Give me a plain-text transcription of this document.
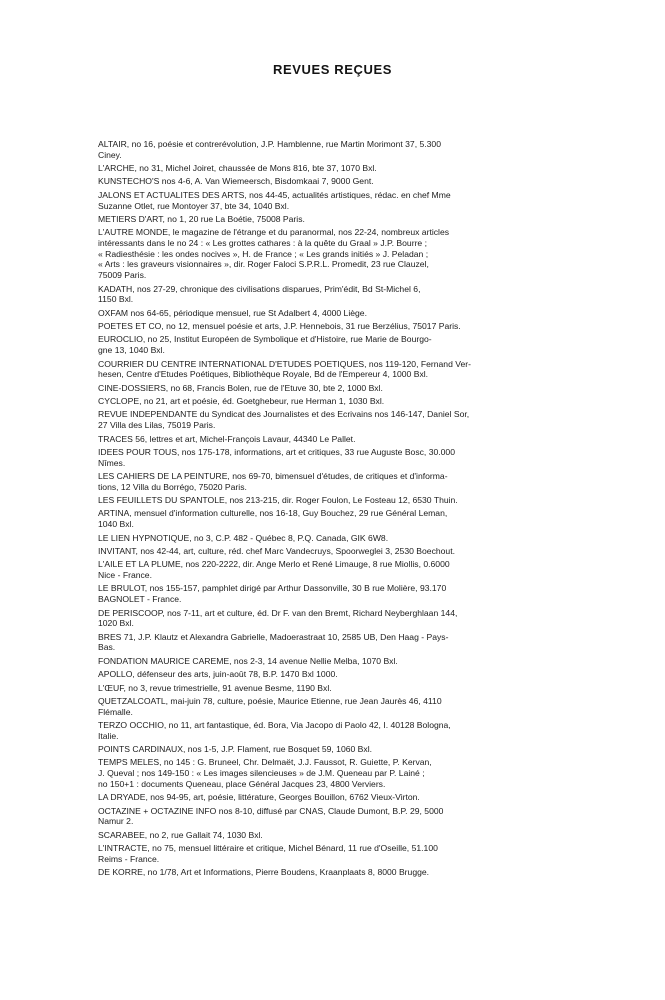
REVUES REÇUES
ALTAIR, no 16, poésie et contrerévolution, J.P. Hamblenne, rue Martin Morimont 37, 5.300
Ciney.
L'ARCHE, no 31, Michel Joiret, chaussée de Mons 816, bte 37, 1070 Bxl.
KUNSTECHO'S nos 4-6, A. Van Wiemeersch, Bisdomkaai 7, 9000 Gent.
JALONS ET ACTUALITES DES ARTS, nos 44-45, actualités artistiques, rédac. en chef Mme
Suzanne Otlet, rue Montoyer 37, bte 34, 1040 Bxl.
METIERS D'ART, no 1, 20 rue La Boétie, 75008 Paris.
L'AUTRE MONDE, le magazine de l'étrange et du paranormal, nos 22-24, nombreux articles
intéressants dans le no 24 : « Les grottes cathares : à la quête du Graal » J.P. Bourre ;
« Radiesthésie : les ondes nocives », H. de France ; « Les grands initiés » J. Peladan ;
« Arts : les graveurs visionnaires », dir. Roger Faloci S.P.R.L. Promedit, 23 rue Clauzel,
75009 Paris.
KADATH, nos 27-29, chronique des civilisations disparues, Prim'édit, Bd St-Michel 6,
1150 Bxl.
OXFAM nos 64-65, périodique mensuel, rue St Adalbert 4, 4000 Liège.
POETES ET CO, no 12, mensuel poésie et arts, J.P. Hennebois, 31 rue Berzélius, 75017 Paris.
EUROCLIO, no 25, Institut Européen de Symbolique et d'Histoire, rue Marie de Bourgo-
gne 13, 1040 Bxl.
COURRIER DU CENTRE INTERNATIONAL D'ETUDES POETIQUES, nos 119-120, Fernand Ver-
hesen, Centre d'Etudes Poétiques, Bibliothèque Royale, Bd de l'Empereur 4, 1000 Bxl.
CINE-DOSSIERS, no 68, Francis Bolen, rue de l'Etuve 30, bte 2, 1000 Bxl.
CYCLOPE, no 21, art et poésie, éd. Goetghebeur, rue Herman 1, 1030 Bxl.
REVUE INDEPENDANTE du Syndicat des Journalistes et des Ecrivains nos 146-147, Daniel Sor,
27 Villa des Lilas, 75019 Paris.
TRACES 56, lettres et art, Michel-François Lavaur, 44340 Le Pallet.
IDEES POUR TOUS, nos 175-178, informations, art et critiques, 33 rue Auguste Bosc, 30.000
Nîmes.
LES CAHIERS DE LA PEINTURE, nos 69-70, bimensuel d'études, de critiques et d'informa-
tions, 12 Villa du Borrégo, 75020 Paris.
LES FEUILLETS DU SPANTOLE, nos 213-215, dir. Roger Foulon, Le Fosteau 12, 6530 Thuin.
ARTINA, mensuel d'information culturelle, nos 16-18, Guy Bouchez, 29 rue Général Leman,
1040 Bxl.
LE LIEN HYPNOTIQUE, no 3, C.P. 482 - Québec 8, P.Q. Canada, GIK 6W8.
INVITANT, nos 42-44, art, culture, réd. chef Marc Vandecruys, Spoorweglei 3, 2530 Boechout.
L'AILE ET LA PLUME, nos 220-2222, dir. Ange Merlo et René Limauge, 8 rue Miollis, 0.6000
Nice - France.
LE BRULOT, nos 155-157, pamphlet dirigé par Arthur Dassonville, 30 B rue Molière, 93.170
BAGNOLET - France.
DE PERISCOOP, nos 7-11, art et culture, éd. Dr F. van den Bremt, Richard Neyberghlaan 144,
1020 Bxl.
BRES 71, J.P. Klautz et Alexandra Gabrielle, Madoerastraat 10, 2585 UB, Den Haag - Pays-
Bas.
FONDATION MAURICE CAREME, nos 2-3, 14 avenue Nellie Melba, 1070 Bxl.
APOLLO, défenseur des arts, juin-août 78, B.P. 1470 Bxl 1000.
L'ŒUF, no 3, revue trimestrielle, 91 avenue Besme, 1190 Bxl.
QUETZALCOATL, mai-juin 78, culture, poésie, Maurice Etienne, rue Jean Jaurès 46, 4110
Flémalle.
TERZO OCCHIO, no 11, art fantastique, éd. Bora, Via Jacopo di Paolo 42, I. 40128 Bologna,
Italie.
POINTS CARDINAUX, nos 1-5, J.P. Flament, rue Bosquet 59, 1060 Bxl.
TEMPS MELES, no 145 : G. Bruneel, Chr. Delmaët, J.J. Faussot, R. Guiette, P. Kervan,
J. Queval ; nos 149-150 : « Les images silencieuses » de J.M. Queneau par P. Lainé ;
no 150+1 : documents Queneau, place Général Jacques 23, 4800 Verviers.
LA DRYADE, nos 94-95, art, poésie, littérature, Georges Bouillon, 6762 Vieux-Virton.
OCTAZINE + OCTAZINE INFO nos 8-10, diffusé par CNAS, Claude Dumont, B.P. 29, 5000
Namur 2.
SCARABEE, no 2, rue Gallait 74, 1030 Bxl.
L'INTRACTE, no 75, mensuel littéraire et critique, Michel Bénard, 11 rue d'Oseille, 51.100
Reims - France.
DE KORRE, no 1/78, Art et Informations, Pierre Boudens, Kraanplaats 8, 8000 Brugge.
